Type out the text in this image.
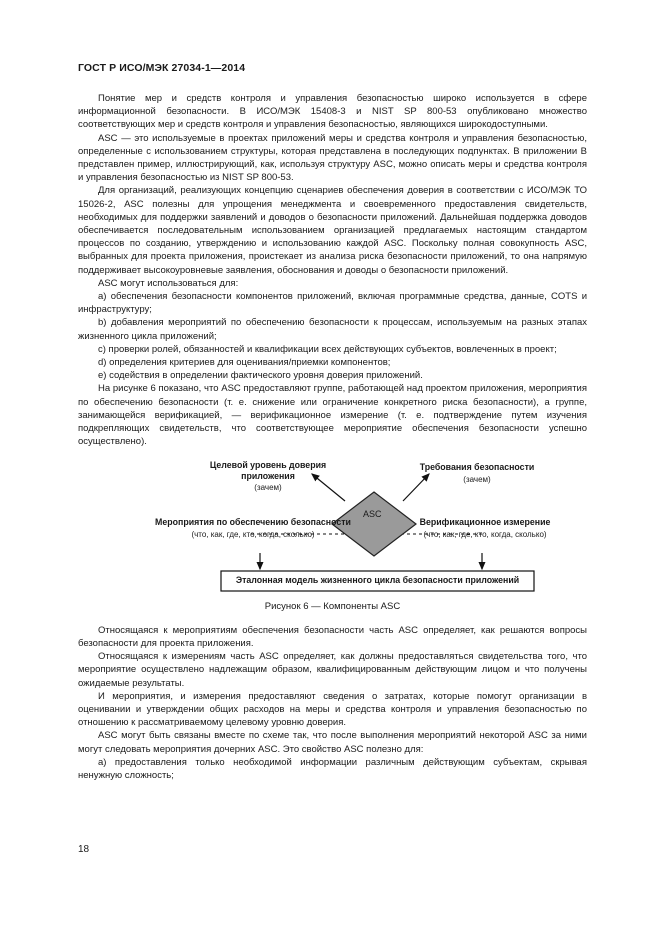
ГОСТ Р ИСО/МЭК 27034-1—2014

Понятие мер и средств контроля и управления безопасностью широко используется в сфере информационной безопасности. В ИСО/МЭК 15408-3 и NIST SP 800-53 опубликовано множество соответствующих мер и средств контроля и управления безопасностью, являющихся широкодоступными.

ASC — это используемые в проектах приложений меры и средства контроля и управления безопасностью, определенные с использованием структуры, которая представлена в последующих подпунктах. В приложении В представлен пример, иллюстрирующий, как, используя структуру ASC, можно описать меры и средства контроля и управления безопасностью из NIST SP 800-53.

Для организаций, реализующих концепцию сценариев обеспечения доверия в соответствии с ИСО/МЭК ТО 15026-2, ASC полезны для упрощения менеджмента и своевременного предоставления свидетельств, необходимых для поддержки заявлений и доводов о безопасности приложений. Дальнейшая поддержка доводов обеспечивается последовательным использованием организацией предлагаемых настоящим стандартом процессов по созданию, утверждению и использованию каждой ASC. Поскольку полная совокупность ASC, выбранных для проекта приложения, проистекает из анализа риска безопасности приложений, то она напрямую поддерживает высокоуровневые заявления, обоснования и доводы о безопасности приложений.

ASC могут использоваться для:

a) обеспечения безопасности компонентов приложений, включая программные средства, данные, COTS и инфраструктуру;

b) добавления мероприятий по обеспечению безопасности к процессам, используемым на разных этапах жизненного цикла приложений;

c) проверки ролей, обязанностей и квалификации всех действующих субъектов, вовлеченных в проект;

d) определения критериев для оценивания/приемки компонентов;

e) содействия в определении фактического уровня доверия приложений.

На рисунке 6 показано, что ASC предоставляют группе, работающей над проектом приложения, мероприятия по обеспечению безопасности (т. е. снижение или ограничение конкретного риска безопасности), а группе, занимающейся верификацией, — верификационное измерение (т. е. подтверждение путем изучения подкрепляющих свидетельств, что соответствующее мероприятие обеспечения безопасности успешно осуществлено).

Целевой уровень доверия
приложения
(зачем)
Требования безопасности
(зачем)
ASC
Мероприятия по обеспечению безопасности
(что, как, где, кто, когда, сколько)
Верификационное измерение
(что, как, где, кто, когда, сколько)
Эталонная модель жизненного цикла безопасности приложений

Рисунок 6 — Компоненты ASC

Относящаяся к мероприятиям обеспечения безопасности часть ASC определяет, как решаются вопросы безопасности для проекта приложения.

Относящаяся к измерениям часть ASC определяет, как должны предоставляться свидетельства того, что мероприятие осуществлено надлежащим образом, квалифицированным действующим лицом и что получены ожидаемые результаты.

И мероприятия, и измерения предоставляют сведения о затратах, которые помогут организации в оценивании и утверждении общих расходов на меры и средства контроля и управления безопасностью по отношению к рассматриваемому целевому уровню доверия.

ASC могут быть связаны вместе по схеме так, что после выполнения мероприятий некоторой ASC за ними могут следовать мероприятия дочерних ASC. Это свойство ASC полезно для:

a) предоставления только необходимой информации различным действующим субъектам, скрывая ненужную сложность;

18
